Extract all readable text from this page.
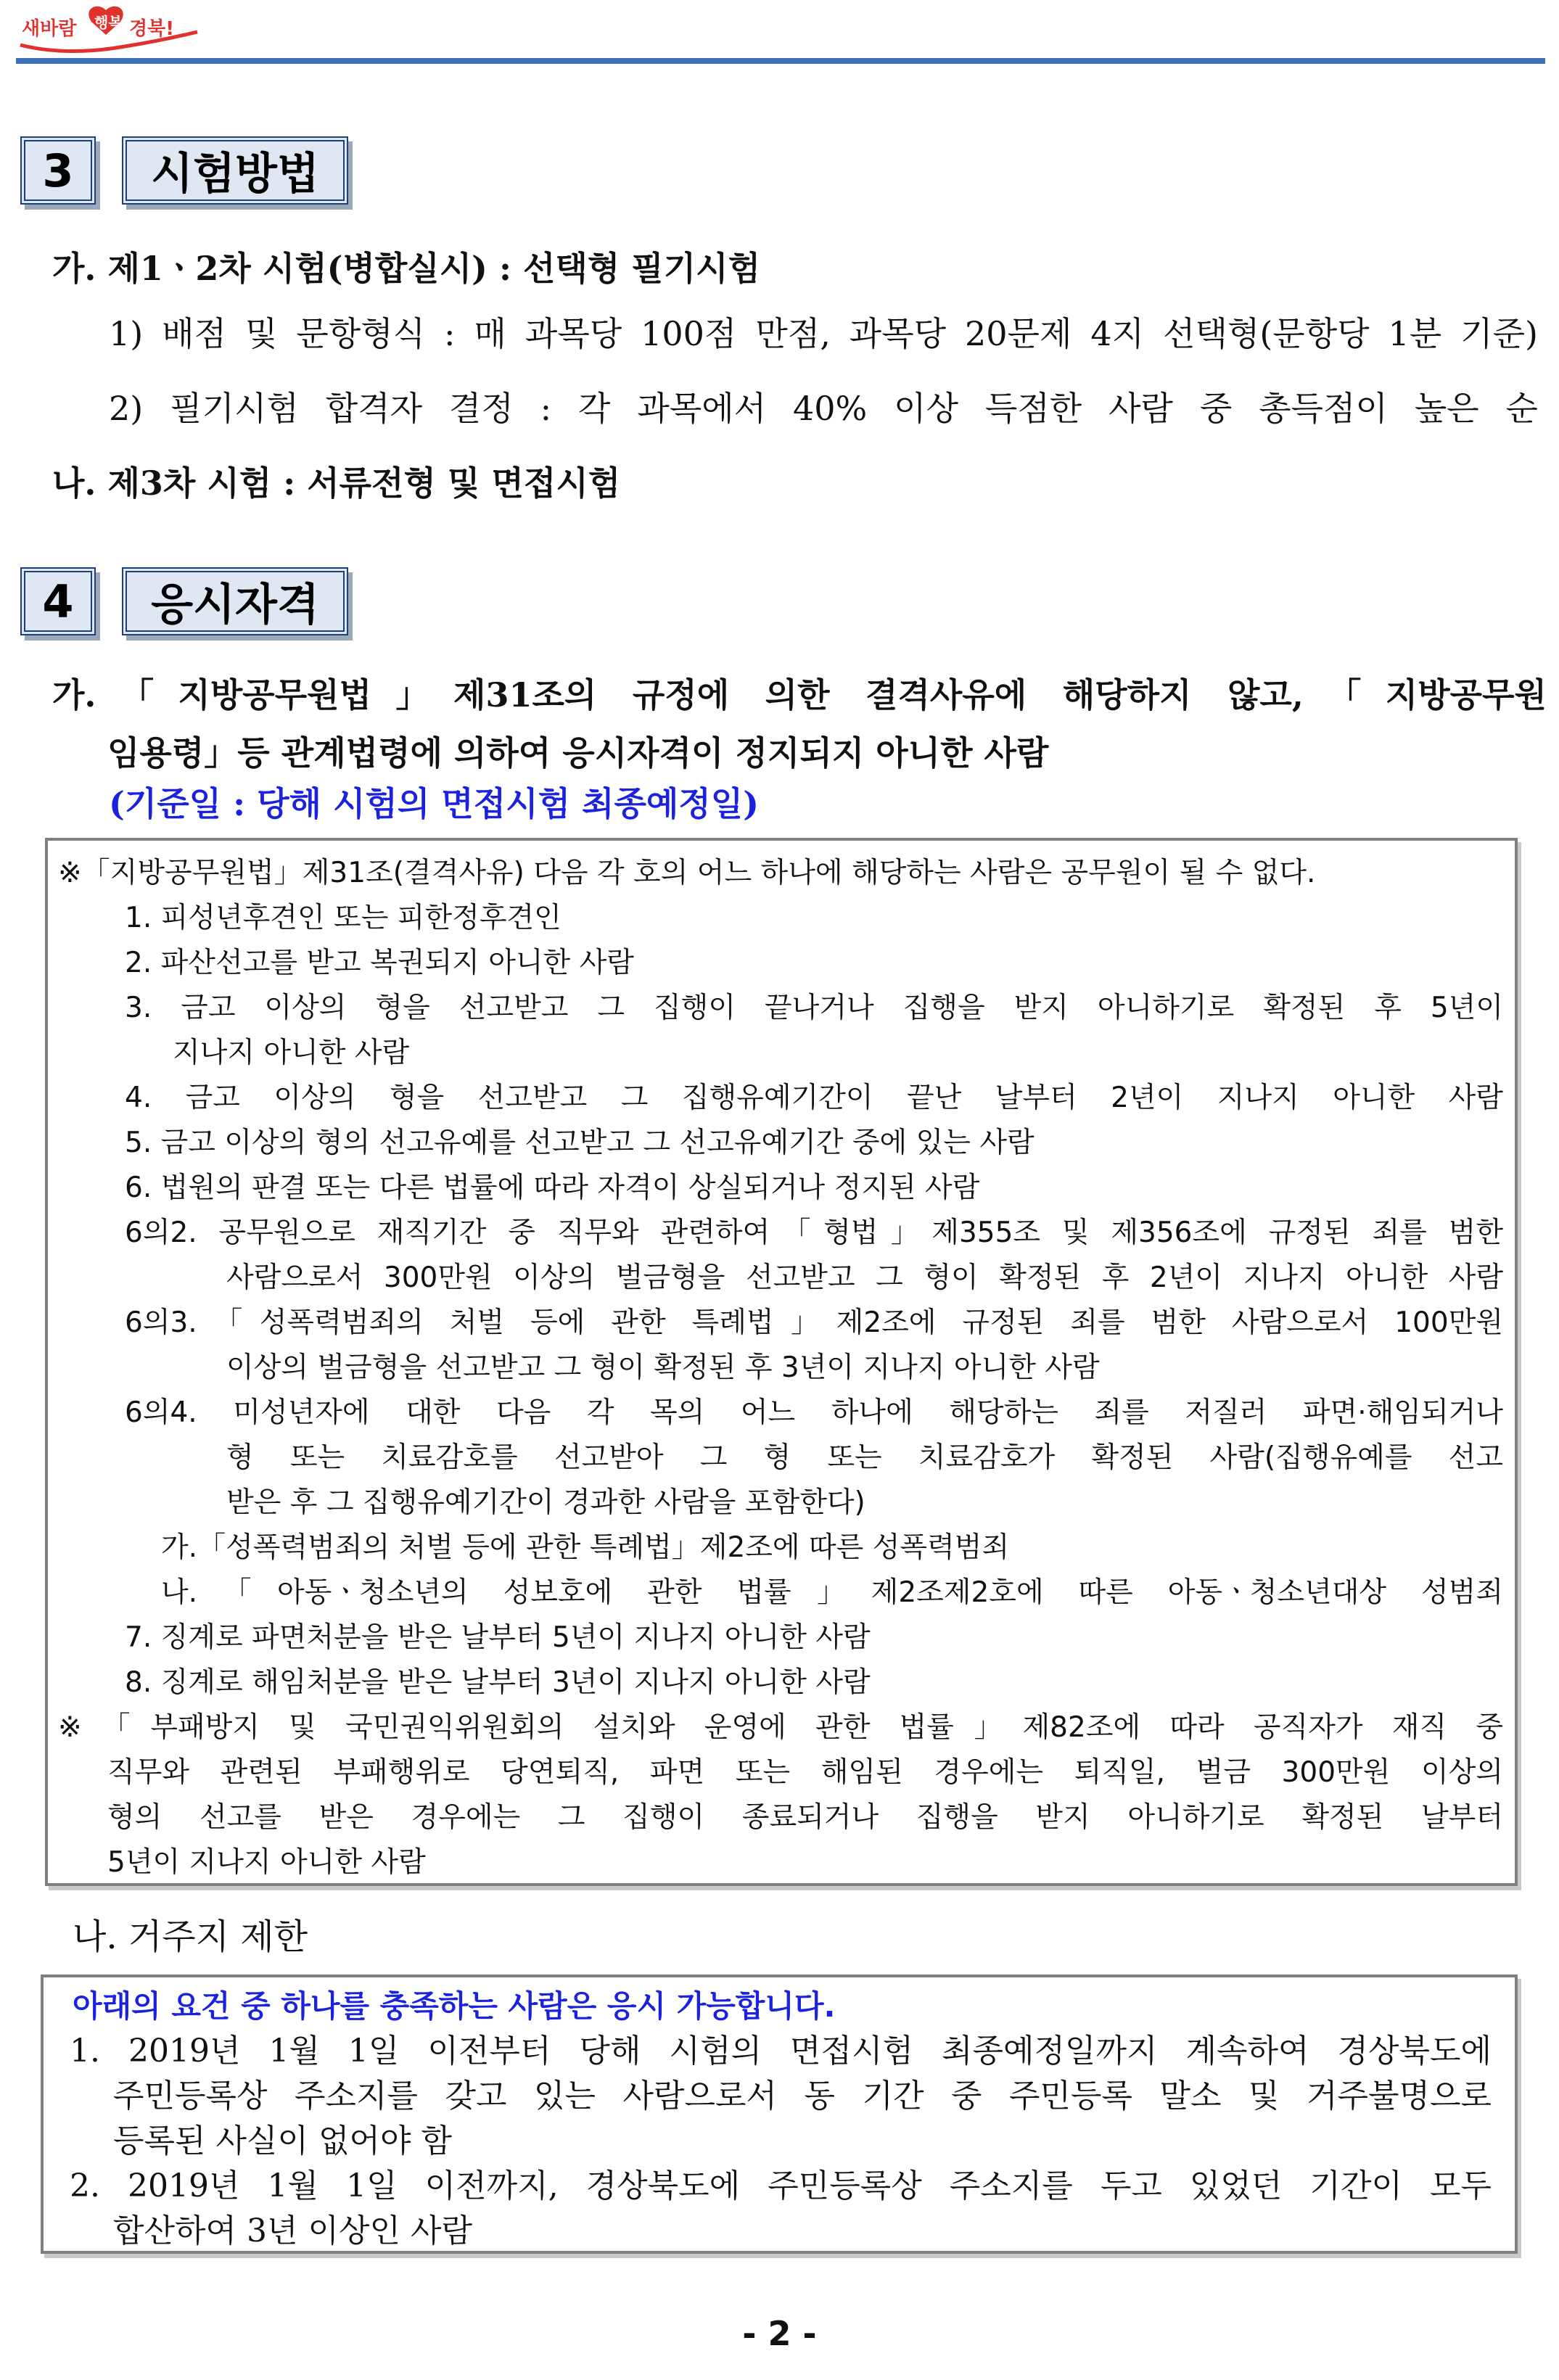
새바람 행복 경북!
3	시험방법
가. 제1ㆍ2차 시험(병합실시) : 선택형 필기시험
1) 배점 및 문항형식 : 매 과목당 100점 만점, 과목당 20문제 4지 선택형(문항당 1분 기준)
2) 필기시험 합격자 결정 : 각 과목에서 40% 이상 득점한 사람 중 총득점이 높은 순
나. 제3차 시험 : 서류전형 및 면접시험
4	응시자격
가.「지방공무원법」제31조의 규정에 의한 결격사유에 해당하지 않고,「지방공무원
임용령」등 관계법령에 의하여 응시자격이 정지되지 아니한 사람
(기준일 : 당해 시험의 면접시험 최종예정일)
※「지방공무원법」제31조(결격사유) 다음 각 호의 어느 하나에 해당하는 사람은 공무원이 될 수 없다.
1. 피성년후견인 또는 피한정후견인
2. 파산선고를 받고 복권되지 아니한 사람
3. 금고 이상의 형을 선고받고 그 집행이 끝나거나 집행을 받지 아니하기로 확정된 후 5년이
지나지 아니한 사람
4. 금고 이상의 형을 선고받고 그 집행유예기간이 끝난 날부터 2년이 지나지 아니한 사람
5. 금고 이상의 형의 선고유예를 선고받고 그 선고유예기간 중에 있는 사람
6. 법원의 판결 또는 다른 법률에 따라 자격이 상실되거나 정지된 사람
6의2. 공무원으로 재직기간 중 직무와 관련하여「형법」제355조 및 제356조에 규정된 죄를 범한
사람으로서 300만원 이상의 벌금형을 선고받고 그 형이 확정된 후 2년이 지나지 아니한 사람
6의3.「성폭력범죄의 처벌 등에 관한 특례법」제2조에 규정된 죄를 범한 사람으로서 100만원
이상의 벌금형을 선고받고 그 형이 확정된 후 3년이 지나지 아니한 사람
6의4. 미성년자에 대한 다음 각 목의 어느 하나에 해당하는 죄를 저질러 파면·해임되거나
형 또는 치료감호를 선고받아 그 형 또는 치료감호가 확정된 사람(집행유예를 선고
받은 후 그 집행유예기간이 경과한 사람을 포함한다)
가.「성폭력범죄의 처벌 등에 관한 특례법」제2조에 따른 성폭력범죄
나.「아동ㆍ청소년의 성보호에 관한 법률」제2조제2호에 따른 아동ㆍ청소년대상 성범죄
7. 징계로 파면처분을 받은 날부터 5년이 지나지 아니한 사람
8. 징계로 해임처분을 받은 날부터 3년이 지나지 아니한 사람
※「부패방지 및 국민권익위원회의 설치와 운영에 관한 법률」제82조에 따라 공직자가 재직 중
직무와 관련된 부패행위로 당연퇴직, 파면 또는 해임된 경우에는 퇴직일, 벌금 300만원 이상의
형의 선고를 받은 경우에는 그 집행이 종료되거나 집행을 받지 아니하기로 확정된 날부터
5년이 지나지 아니한 사람
나. 거주지 제한
아래의 요건 중 하나를 충족하는 사람은 응시 가능합니다.
1. 2019년 1월 1일 이전부터 당해 시험의 면접시험 최종예정일까지 계속하여 경상북도에
주민등록상 주소지를 갖고 있는 사람으로서 동 기간 중 주민등록 말소 및 거주불명으로
등록된 사실이 없어야 함
2. 2019년 1월 1일 이전까지, 경상북도에 주민등록상 주소지를 두고 있었던 기간이 모두
합산하여 3년 이상인 사람
- 2 -
